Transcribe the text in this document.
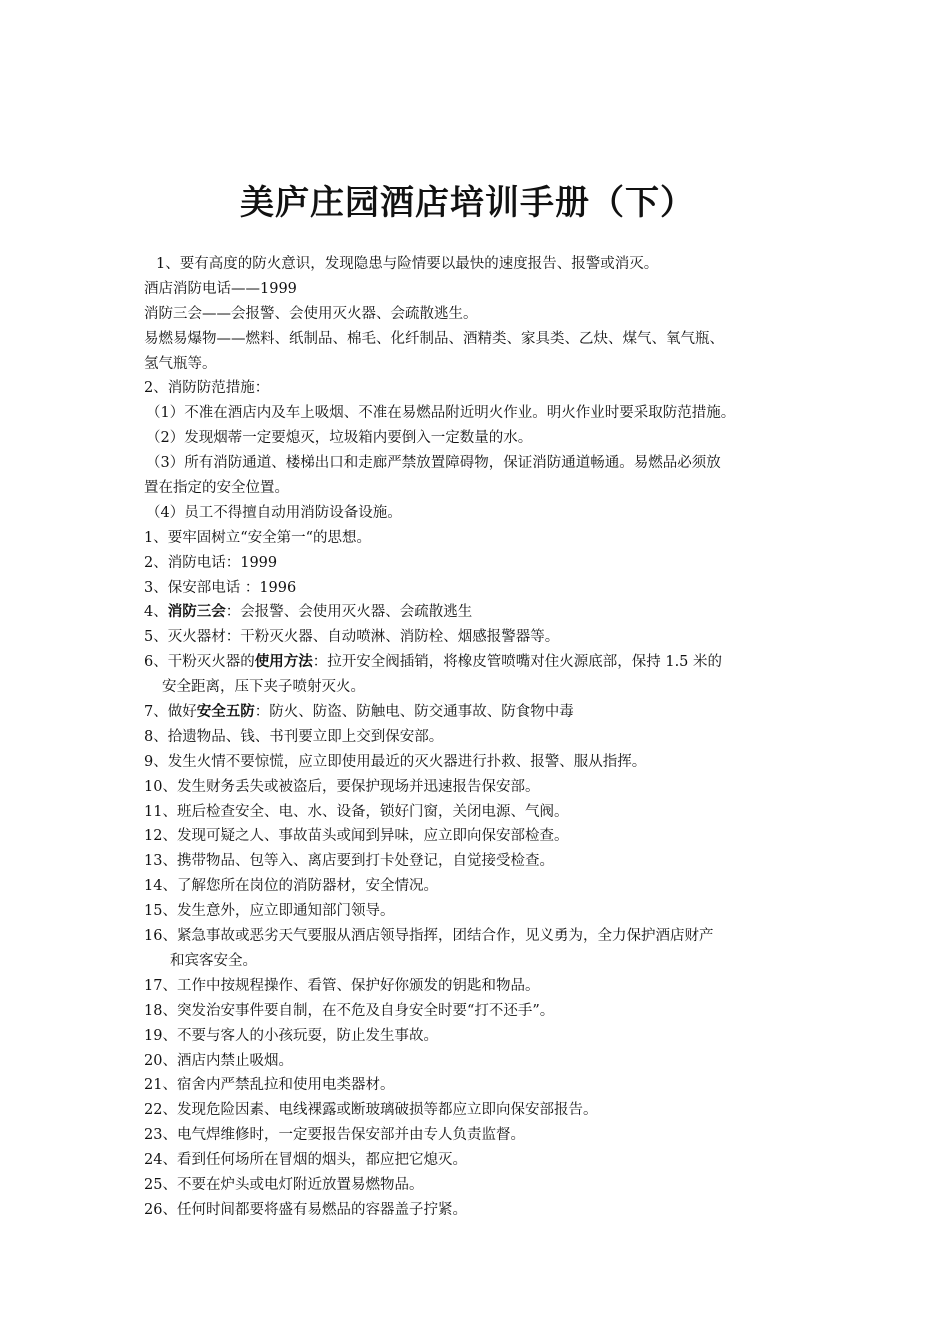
美庐庄园酒店培训手册（下）
1、要有高度的防火意识，发现隐患与险情要以最快的速度报告、报警或消灭。
酒店消防电话——1999
消防三会——会报警、会使用灭火器、会疏散逃生。
易燃易爆物——燃料、纸制品、棉毛、化纤制品、酒精类、家具类、乙炔、煤气、氧气瓶、
氢气瓶等。
2、消防防范措施：
（1）不准在酒店内及车上吸烟、不准在易燃品附近明火作业。明火作业时要采取防范措施。
（2）发现烟蒂一定要熄灭，垃圾箱内要倒入一定数量的水。
（3）所有消防通道、楼梯出口和走廊严禁放置障碍物，保证消防通道畅通。易燃品必须放
置在指定的安全位置。
（4）员工不得擅自动用消防设备设施。
1、要牢固树立“安全第一“的思想。
2、消防电话：1999
3、保安部电话 ：1996
4、消防三会：会报警、会使用灭火器、会疏散逃生
5、灭火器材：干粉灭火器、自动喷淋、消防栓、烟感报警器等。
6、干粉灭火器的使用方法：拉开安全阀插销，将橡皮管喷嘴对住火源底部，保持 1.5 米的
安全距离，压下夹子喷射灭火。
7、做好安全五防：防火、防盗、防触电、防交通事故、防食物中毒
8、拾遗物品、钱、书刊要立即上交到保安部。
9、发生火情不要惊慌，应立即使用最近的灭火器进行扑救、报警、服从指挥。
10、发生财务丢失或被盗后，要保护现场并迅速报告保安部。
11、班后检查安全、电、水、设备，锁好门窗，关闭电源、气阀。
12、发现可疑之人、事故苗头或闻到异味，应立即向保安部检查。
13、携带物品、包等入、离店要到打卡处登记，自觉接受检查。
14、了解您所在岗位的消防器材，安全情况。
15、发生意外，应立即通知部门领导。
16、紧急事故或恶劣天气要服从酒店领导指挥，团结合作，见义勇为，全力保护酒店财产
和宾客安全。
17、工作中按规程操作、看管、保护好你颁发的钥匙和物品。
18、突发治安事件要自制，在不危及自身安全时要“打不还手”。
19、不要与客人的小孩玩耍，防止发生事故。
20、酒店内禁止吸烟。
21、宿舍内严禁乱拉和使用电类器材。
22、发现危险因素、电线裸露或断玻璃破损等都应立即向保安部报告。
23、电气焊维修时，一定要报告保安部并由专人负责监督。
24、看到任何场所在冒烟的烟头，都应把它熄灭。
25、不要在炉头或电灯附近放置易燃物品。
26、任何时间都要将盛有易燃品的容器盖子拧紧。
